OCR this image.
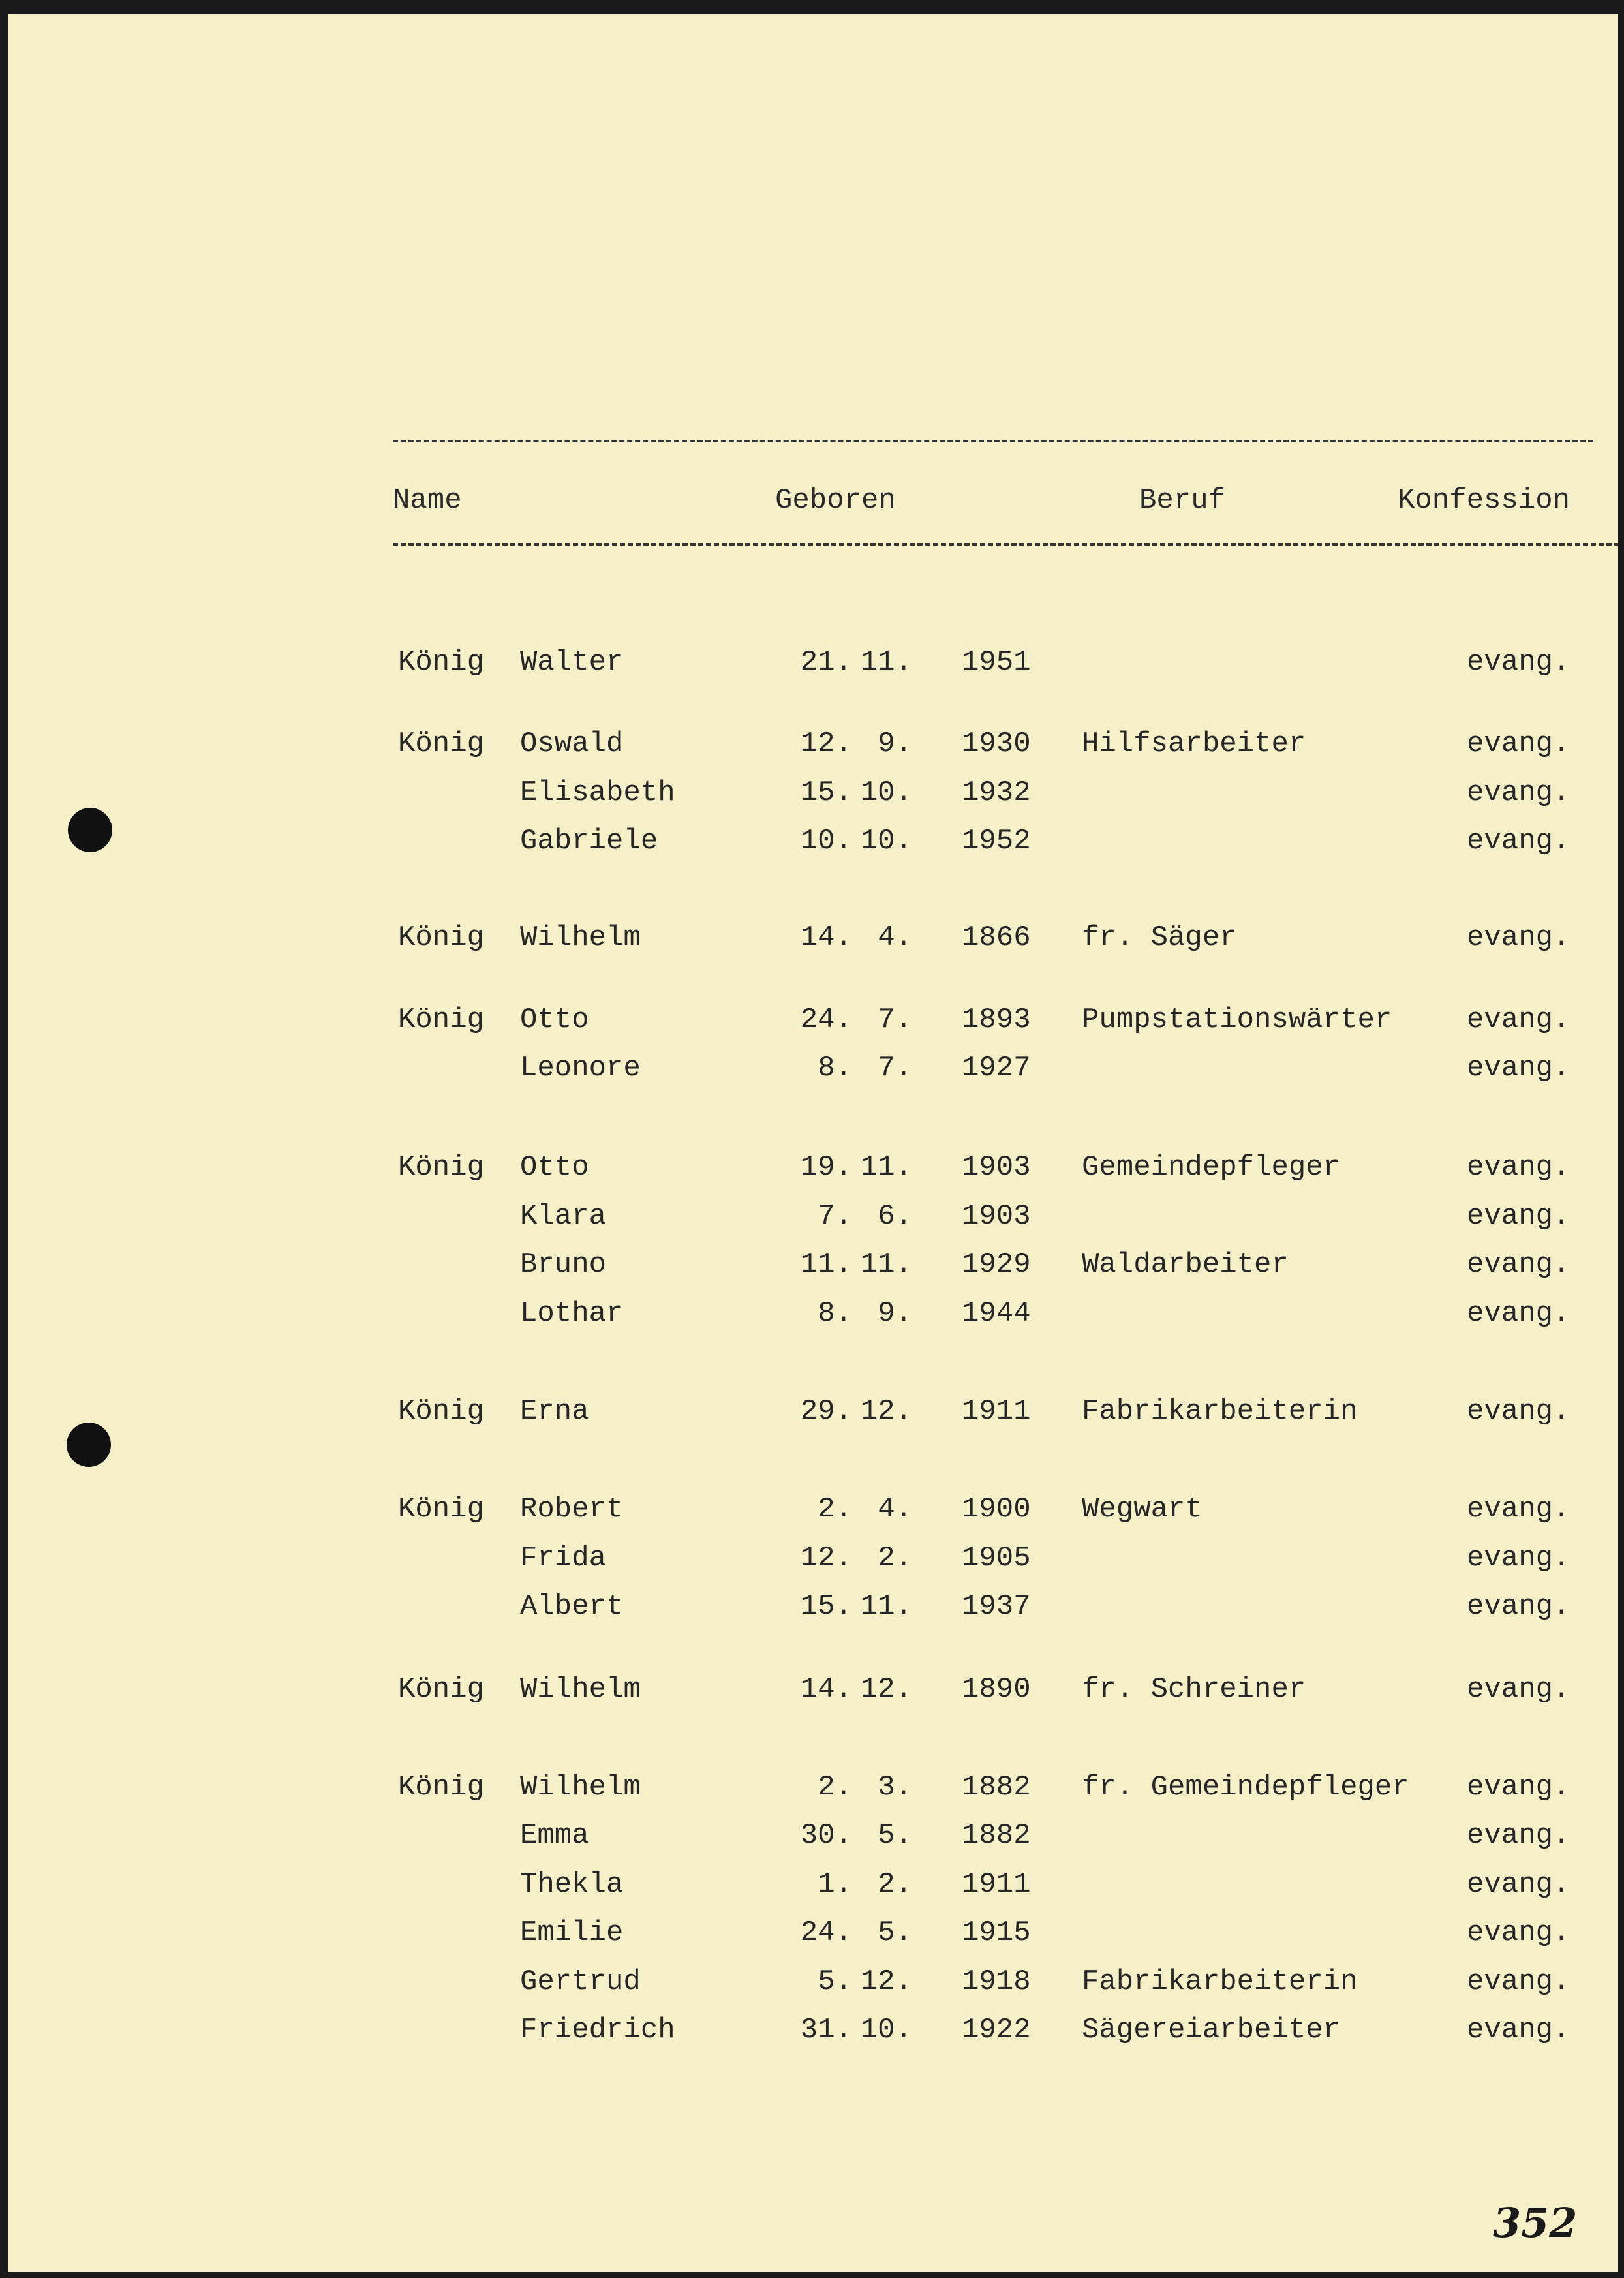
Name	Geboren	Beruf	Konfession
König Walter	21. 11. 1951	evang.
König Oswald	12. 9. 1930 Hilfsarbeiter	evang.
Elisabeth	15. 10. 1932	evang.
Gabriele	10. 10. 1952	evang.
König Wilhelm	14. 4. 1866 fr. Säger	evang.
König Otto	24. 7. 1893 Pumpstationswärter	evang.
Leonore	8. 7. 1927	evang.
König Otto	19. 11. 1903 Gemeindepfleger	evang.
Klara	7. 6. 1903	evang.
Bruno	11. 11. 1929 Waldarbeiter	evang.
Lothar	8. 9. 1944	evang.
König Erna	29. 12. 1911 Fabrikarbeiterin	evang.
König Robert	2. 4. 1900 Wegwart	evang.
Frida	12. 2. 1905	evang.
Albert	15. 11. 1937	evang.
König Wilhelm	14. 12. 1890 fr. Schreiner	evang.
König Wilhelm	2. 3. 1882 fr. Gemeindepfleger evang.
Emma	30. 5. 1882	evang.
Thekla	1. 2. 1911	evang.
Emilie	24. 5. 1915	evang.
Gertrud	5. 12. 1918 Fabrikarbeiterin	evang.
Friedrich	31. 10. 1922 Sägereiarbeiter	evang.
352
